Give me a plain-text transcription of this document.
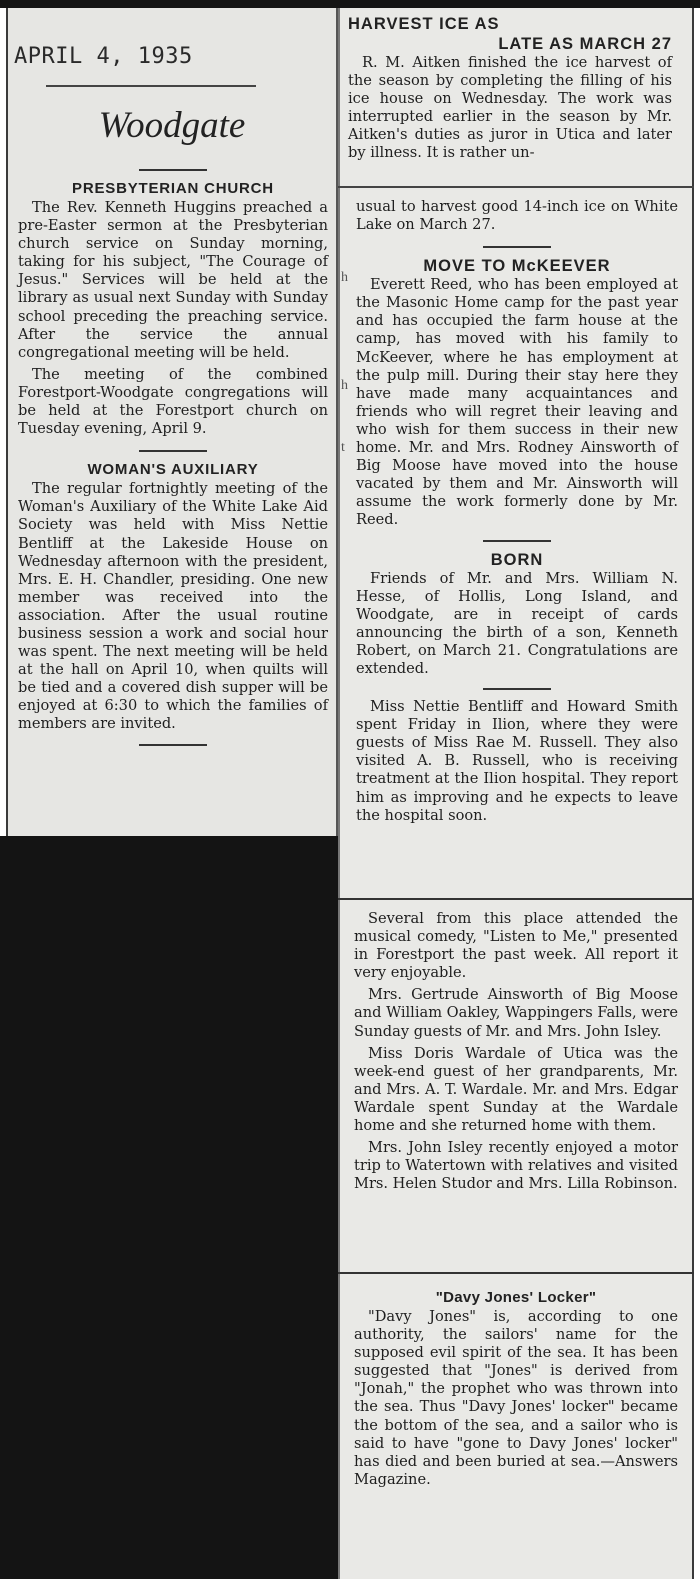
APRIL 4, 1935
Woodgate
PRESBYTERIAN CHURCH

The Rev. Kenneth Huggins preached a pre-Easter sermon at the Presbyterian church service on Sunday morning, taking for his subject, "The Courage of Jesus." Services will be held at the library as usual next Sunday with Sunday school preceding the preaching service. After the service the annual congregational meeting will be held.

The meeting of the combined Forestport-Woodgate congregations will be held at the Forestport church on Tuesday evening, April 9.

WOMAN'S AUXILIARY

The regular fortnightly meeting of the Woman's Auxiliary of the White Lake Aid Society was held with Miss Nettie Bentliff at the Lakeside House on Wednesday afternoon with the president, Mrs. E. H. Chandler, presiding. One new member was received into the association. After the usual routine business session a work and social hour was spent. The next meeting will be held at the hall on April 10, when quilts will be tied and a covered dish supper will be enjoyed at 6:30 to which the families of members are invited.

h
h
t
HARVEST ICE AS
LATE AS MARCH 27

R. M. Aitken finished the ice harvest of the season by completing the filling of his ice house on Wednesday. The work was interrupted earlier in the season by Mr. Aitken's duties as juror in Utica and later by illness. It is rather un-

usual to harvest good 14-inch ice on White Lake on March 27.

MOVE TO McKEEVER

Everett Reed, who has been employed at the Masonic Home camp for the past year and has occupied the farm house at the camp, has moved with his family to McKeever, where he has employment at the pulp mill. During their stay here they have made many acquaintances and friends who will regret their leaving and who wish for them success in their new home. Mr. and Mrs. Rodney Ainsworth of Big Moose have moved into the house vacated by them and Mr. Ainsworth will assume the work formerly done by Mr. Reed.

BORN

Friends of Mr. and Mrs. William N. Hesse, of Hollis, Long Island, and Woodgate, are in receipt of cards announcing the birth of a son, Kenneth Robert, on March 21. Congratulations are extended.

Miss Nettie Bentliff and Howard Smith spent Friday in Ilion, where they were guests of Miss Rae M. Russell. They also visited A. B. Russell, who is receiving treatment at the Ilion hospital. They report him as improving and he expects to leave the hospital soon.

Several from this place attended the musical comedy, "Listen to Me," presented in Forestport the past week. All report it very enjoyable.

Mrs. Gertrude Ainsworth of Big Moose and William Oakley, Wappingers Falls, were Sunday guests of Mr. and Mrs. John Isley.

Miss Doris Wardale of Utica was the week-end guest of her grandparents, Mr. and Mrs. A. T. Wardale. Mr. and Mrs. Edgar Wardale spent Sunday at the Wardale home and she returned home with them.

Mrs. John Isley recently enjoyed a motor trip to Watertown with relatives and visited Mrs. Helen Studor and Mrs. Lilla Robinson.

"Davy Jones' Locker"

"Davy Jones" is, according to one authority, the sailors' name for the supposed evil spirit of the sea. It has been suggested that "Jones" is derived from "Jonah," the prophet who was thrown into the sea. Thus "Davy Jones' locker" became the bottom of the sea, and a sailor who is said to have "gone to Davy Jones' locker" has died and been buried at sea.—Answers Magazine.
